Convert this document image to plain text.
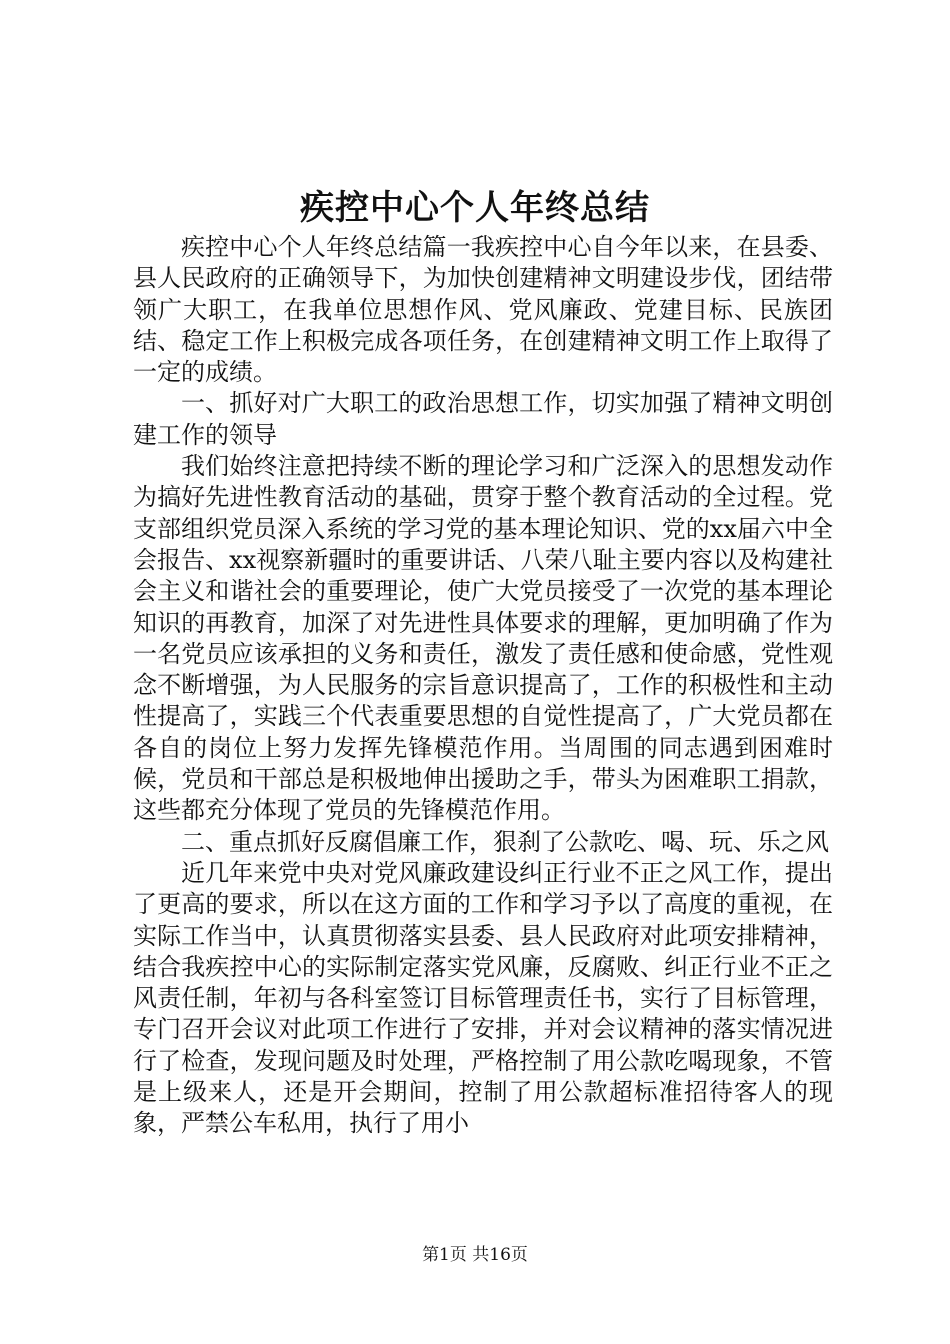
疾控中心个人年终总结

疾控中心个人年终总结篇一我疾控中心自今年以来，在县委、县人民政府的正确领导下，为加快创建精神文明建设步伐，团结带领广大职工，在我单位思想作风、党风廉政、党建目标、民族团结、稳定工作上积极完成各项任务，在创建精神文明工作上取得了一定的成绩。

一、抓好对广大职工的政治思想工作，切实加强了精神文明创建工作的领导

我们始终注意把持续不断的理论学习和广泛深入的思想发动作为搞好先进性教育活动的基础，贯穿于整个教育活动的全过程。党支部组织党员深入系统的学习党的基本理论知识、党的xx届六中全会报告、xx视察新疆时的重要讲话、八荣八耻主要内容以及构建社会主义和谐社会的重要理论，使广大党员接受了一次党的基本理论知识的再教育，加深了对先进性具体要求的理解，更加明确了作为一名党员应该承担的义务和责任，激发了责任感和使命感，党性观念不断增强，为人民服务的宗旨意识提高了，工作的积极性和主动性提高了，实践三个代表重要思想的自觉性提高了，广大党员都在各自的岗位上努力发挥先锋模范作用。当周围的同志遇到困难时候，党员和干部总是积极地伸出援助之手，带头为困难职工捐款，这些都充分体现了党员的先锋模范作用。

二、重点抓好反腐倡廉工作，狠刹了公款吃、喝、玩、乐之风

近几年来党中央对党风廉政建设纠正行业不正之风工作，提出了更高的要求，所以在这方面的工作和学习予以了高度的重视，在实际工作当中，认真贯彻落实县委、县人民政府对此项安排精神，结合我疾控中心的实际制定落实党风廉，反腐败、纠正行业不正之风责任制，年初与各科室签订目标管理责任书，实行了目标管理，专门召开会议对此项工作进行了安排，并对会议精神的落实情况进行了检查，发现问题及时处理，严格控制了用公款吃喝现象，不管是上级来人，还是开会期间，控制了用公款超标准招待客人的现象，严禁公车私用，执行了用小

第1页 共16页
